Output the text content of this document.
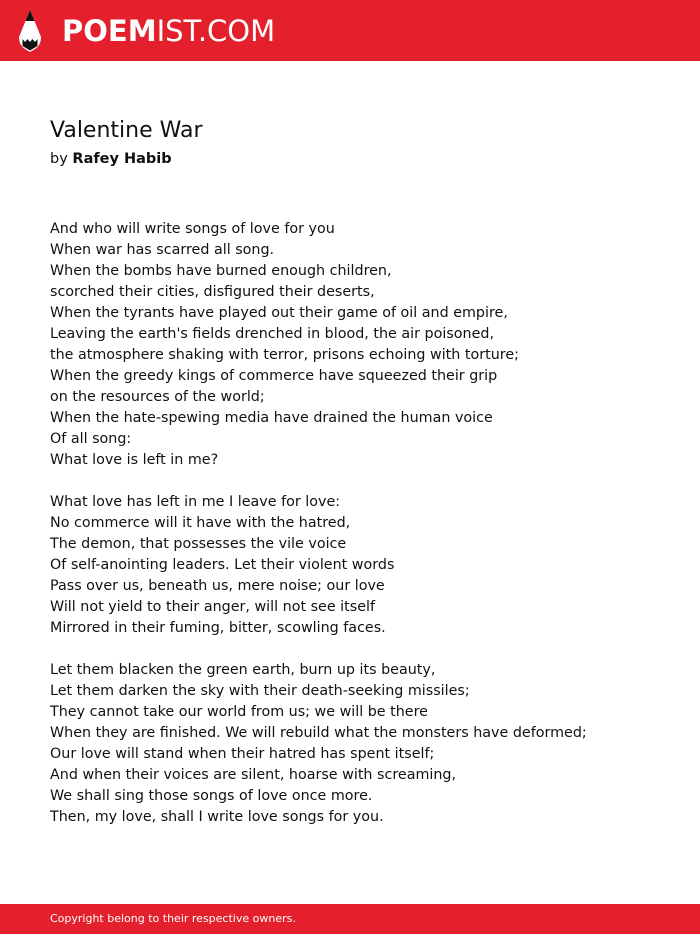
POEMIST.COM
Valentine War
by Rafey Habib
And who will write songs of love for you
When war has scarred all song.
When the bombs have burned enough children,
scorched their cities, disfigured their deserts,
When the tyrants have played out their game of oil and empire,
Leaving the earth's fields drenched in blood, the air poisoned,
the atmosphere shaking with terror, prisons echoing with torture;
When the greedy kings of commerce have squeezed their grip
on the resources of the world;
When the hate-spewing media have drained the human voice
Of all song:
What love is left in me?
What love has left in me I leave for love:
No commerce will it have with the hatred,
The demon, that possesses the vile voice
Of self-anointing leaders. Let their violent words
Pass over us, beneath us, mere noise; our love
Will not yield to their anger, will not see itself
Mirrored in their fuming, bitter, scowling faces.
Let them blacken the green earth, burn up its beauty,
Let them darken the sky with their death-seeking missiles;
They cannot take our world from us; we will be there
When they are finished. We will rebuild what the monsters have deformed;
Our love will stand when their hatred has spent itself;
And when their voices are silent, hoarse with screaming,
We shall sing those songs of love once more.
Then, my love, shall I write love songs for you.
Copyright belong to their respective owners.
